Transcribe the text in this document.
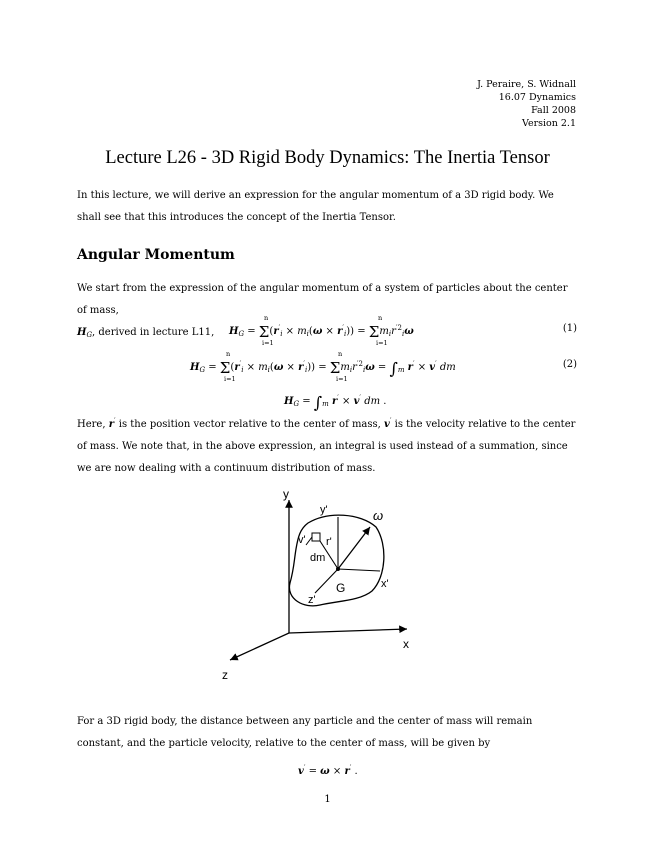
J. Peraire, S. Widnall
16.07 Dynamics
Fall 2008
Version 2.1
Lecture L26 - 3D Rigid Body Dynamics: The Inertia Tensor

In this lecture, we will derive an expression for the angular momentum of a 3D rigid body. We shall see that this introduces the concept of the Inertia Tensor.

Angular Momentum

We start from the expression of the angular momentum of a system of particles about the center of mass,
$H_G$, derived in lecture L11,	$H_G = \Sigma(r'_i \times m_i(\omega \times r'_i)) = \Sigma m_ir^{'2}_i\omega$
n
i=1
n
i=1
(1)
$H_G = \Sigma(r'_i \times m_i(\omega \times r'_i)) = \Sigma m_ir^{'2}_i\omega = \int_m$ r′ × v′ dm
n
i=1
n
i=1
(2)
$H_G = \int_m$ r′ × v′ dm .

Here, r′ is the position vector relative to the center of mass, v′ is the velocity relative to the center of mass. We note that, in the above expression, an integral is used instead of a summation, since we are now dealing with a continuum distribution of mass.

y
x
z
y'
x'
z'
ω
v' r'
dm
G

For a 3D rigid body, the distance between any particle and the center of mass will remain constant, and the particle velocity, relative to the center of mass, will be given by

v′ = ω × r′ .
1
